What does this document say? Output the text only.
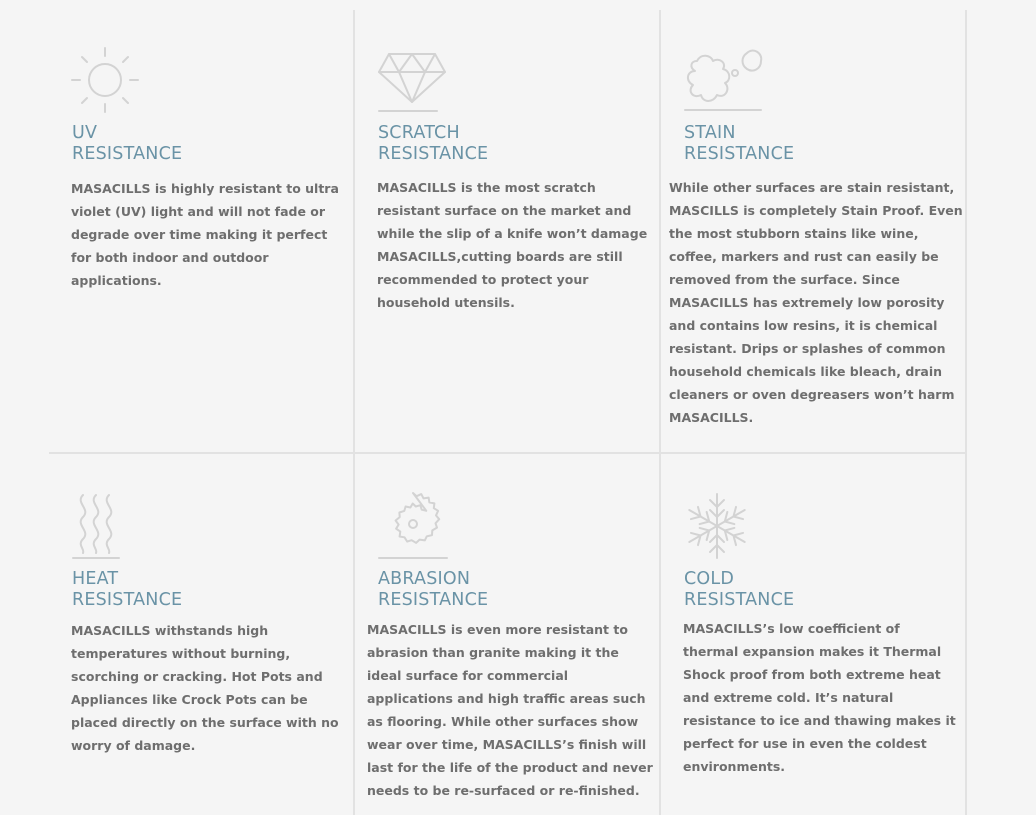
UV
RESISTANCE

MASACILLS is highly resistant to ultra violet (UV) light and will not fade or degrade over time making it perfect for both indoor and outdoor applications.

SCRATCH
RESISTANCE

MASACILLS is the most scratch resistant surface on the market and while the slip of a knife won’t damage MASACILLS,cutting boards are still recommended to protect your household utensils.

STAIN
RESISTANCE

While other surfaces are stain resistant, MASCILLS is completely Stain Proof. Even the most stubborn stains like wine, coffee, markers and rust can easily be removed from the surface. Since MASACILLS has extremely low porosity and contains low resins, it is chemical resistant. Drips or splashes of common household chemicals like bleach, drain cleaners or oven degreasers won’t harm MASACILLS.

HEAT
RESISTANCE

MASACILLS withstands high temperatures without burning, scorching or cracking. Hot Pots and Appliances like Crock Pots can be placed directly on the surface with no worry of damage.

ABRASION
RESISTANCE

MASACILLS is even more resistant to abrasion than granite making it the ideal surface for commercial applications and high traffic areas such as flooring. While other surfaces show wear over time, MASACILLS’s finish will last for the life of the product and never needs to be re-surfaced or re-finished.

COLD
RESISTANCE

MASACILLS’s low coefficient of thermal expansion makes it Thermal Shock proof from both extreme heat and extreme cold. It’s natural resistance to ice and thawing makes it perfect for use in even the coldest environments.
